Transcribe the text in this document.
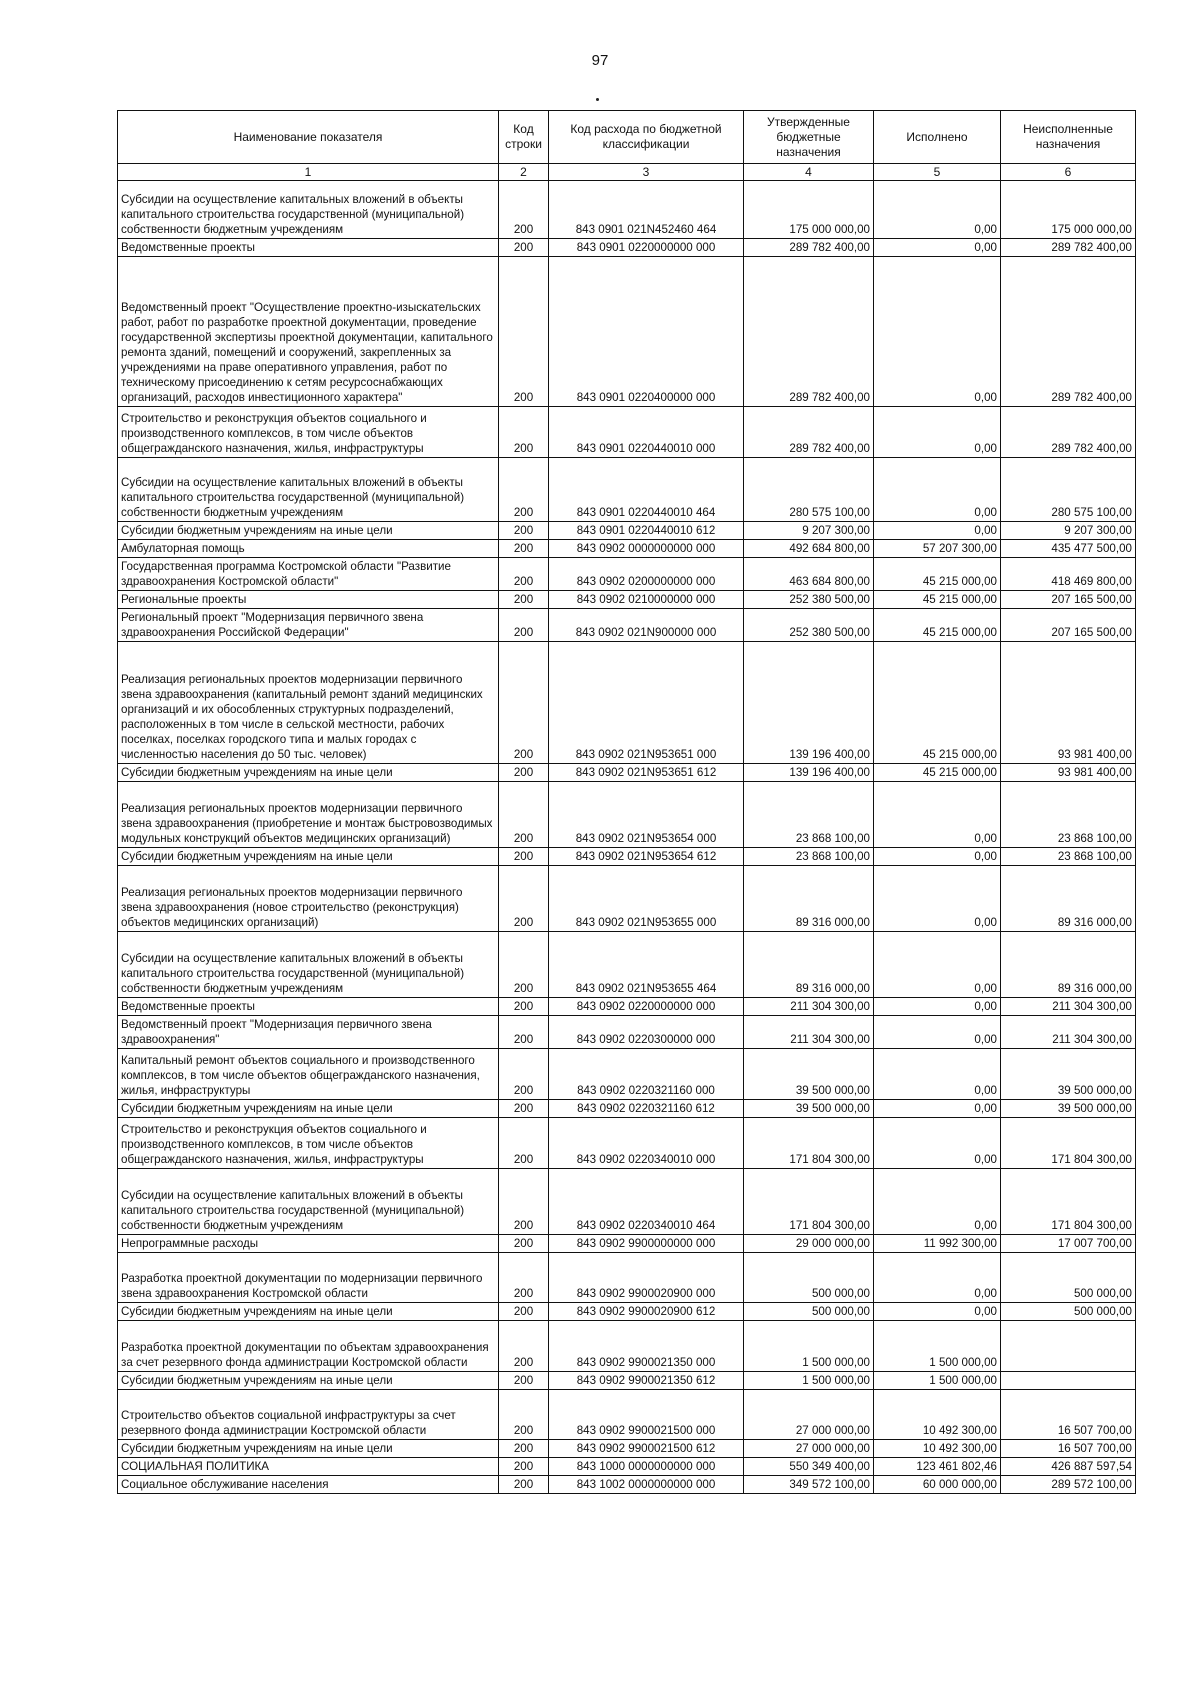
97
Наименование показателя	Код строки	Код расхода по бюджетной классификации	Утвержденные бюджетные назначения	Исполнено	Неисполненные назначения
1	2	3	4	5	6
Субсидии на осуществление капитальных вложений в объекты капитального строительства государственной (муниципальной) собственности бюджетным учреждениям	200	843 0901 021N452460 464	175 000 000,00	0,00	175 000 000,00
Ведомственные проекты	200	843 0901 0220000000 000	289 782 400,00	0,00	289 782 400,00
Ведомственный проект "Осуществление проектно-изыскательских работ, работ по разработке проектной документации, проведение государственной экспертизы проектной документации, капитального ремонта зданий, помещений и сооружений, закрепленных за учреждениями на праве оперативного управления, работ по техническому присоединению к сетям ресурсоснабжающих организаций, расходов инвестиционного характера"	200	843 0901 0220400000 000	289 782 400,00	0,00	289 782 400,00
Строительство и реконструкция объектов социального и производственного комплексов, в том числе объектов общегражданского назначения, жилья, инфраструктуры	200	843 0901 0220440010 000	289 782 400,00	0,00	289 782 400,00
Субсидии на осуществление капитальных вложений в объекты капитального строительства государственной (муниципальной) собственности бюджетным учреждениям	200	843 0901 0220440010 464	280 575 100,00	0,00	280 575 100,00
Субсидии бюджетным учреждениям на иные цели	200	843 0901 0220440010 612	9 207 300,00	0,00	9 207 300,00
Амбулаторная помощь	200	843 0902 0000000000 000	492 684 800,00	57 207 300,00	435 477 500,00
Государственная программа Костромской области "Развитие здравоохранения Костромской области"	200	843 0902 0200000000 000	463 684 800,00	45 215 000,00	418 469 800,00
Региональные проекты	200	843 0902 0210000000 000	252 380 500,00	45 215 000,00	207 165 500,00
Региональный проект "Модернизация первичного звена здравоохранения Российской Федерации"	200	843 0902 021N900000 000	252 380 500,00	45 215 000,00	207 165 500,00
Реализация региональных проектов модернизации первичного звена здравоохранения (капитальный ремонт зданий медицинских организаций и их обособленных структурных подразделений, расположенных в том числе в сельской местности, рабочих поселках, поселках городского типа и малых городах с численностью населения до 50 тыс. человек)	200	843 0902 021N953651 000	139 196 400,00	45 215 000,00	93 981 400,00
Субсидии бюджетным учреждениям на иные цели	200	843 0902 021N953651 612	139 196 400,00	45 215 000,00	93 981 400,00
Реализация региональных проектов модернизации первичного звена здравоохранения (приобретение и монтаж быстровозводимых модульных конструкций объектов медицинских организаций)	200	843 0902 021N953654 000	23 868 100,00	0,00	23 868 100,00
Субсидии бюджетным учреждениям на иные цели	200	843 0902 021N953654 612	23 868 100,00	0,00	23 868 100,00
Реализация региональных проектов модернизации первичного звена здравоохранения (новое строительство (реконструкция) объектов медицинских организаций)	200	843 0902 021N953655 000	89 316 000,00	0,00	89 316 000,00
Субсидии на осуществление капитальных вложений в объекты капитального строительства государственной (муниципальной) собственности бюджетным учреждениям	200	843 0902 021N953655 464	89 316 000,00	0,00	89 316 000,00
Ведомственные проекты	200	843 0902 0220000000 000	211 304 300,00	0,00	211 304 300,00
Ведомственный проект "Модернизация первичного звена здравоохранения"	200	843 0902 0220300000 000	211 304 300,00	0,00	211 304 300,00
Капитальный ремонт объектов социального и производственного комплексов, в том числе объектов общегражданского назначения, жилья, инфраструктуры	200	843 0902 0220321160 000	39 500 000,00	0,00	39 500 000,00
Субсидии бюджетным учреждениям на иные цели	200	843 0902 0220321160 612	39 500 000,00	0,00	39 500 000,00
Строительство и реконструкция объектов социального и производственного комплексов, в том числе объектов общегражданского назначения, жилья, инфраструктуры	200	843 0902 0220340010 000	171 804 300,00	0,00	171 804 300,00
Субсидии на осуществление капитальных вложений в объекты капитального строительства государственной (муниципальной) собственности бюджетным учреждениям	200	843 0902 0220340010 464	171 804 300,00	0,00	171 804 300,00
Непрограммные расходы	200	843 0902 9900000000 000	29 000 000,00	11 992 300,00	17 007 700,00
Разработка проектной документации по модернизации первичного звена здравоохранения Костромской области	200	843 0902 9900020900 000	500 000,00	0,00	500 000,00
Субсидии бюджетным учреждениям на иные цели	200	843 0902 9900020900 612	500 000,00	0,00	500 000,00
Разработка проектной документации по объектам здравоохранения за счет резервного фонда администрации Костромской области	200	843 0902 9900021350 000	1 500 000,00	1 500 000,00	
Субсидии бюджетным учреждениям на иные цели	200	843 0902 9900021350 612	1 500 000,00	1 500 000,00	
Строительство объектов социальной инфраструктуры за счет резервного фонда администрации Костромской области	200	843 0902 9900021500 000	27 000 000,00	10 492 300,00	16 507 700,00
Субсидии бюджетным учреждениям на иные цели	200	843 0902 9900021500 612	27 000 000,00	10 492 300,00	16 507 700,00
СОЦИАЛЬНАЯ ПОЛИТИКА	200	843 1000 0000000000 000	550 349 400,00	123 461 802,46	426 887 597,54
Социальное обслуживание населения	200	843 1002 0000000000 000	349 572 100,00	60 000 000,00	289 572 100,00
